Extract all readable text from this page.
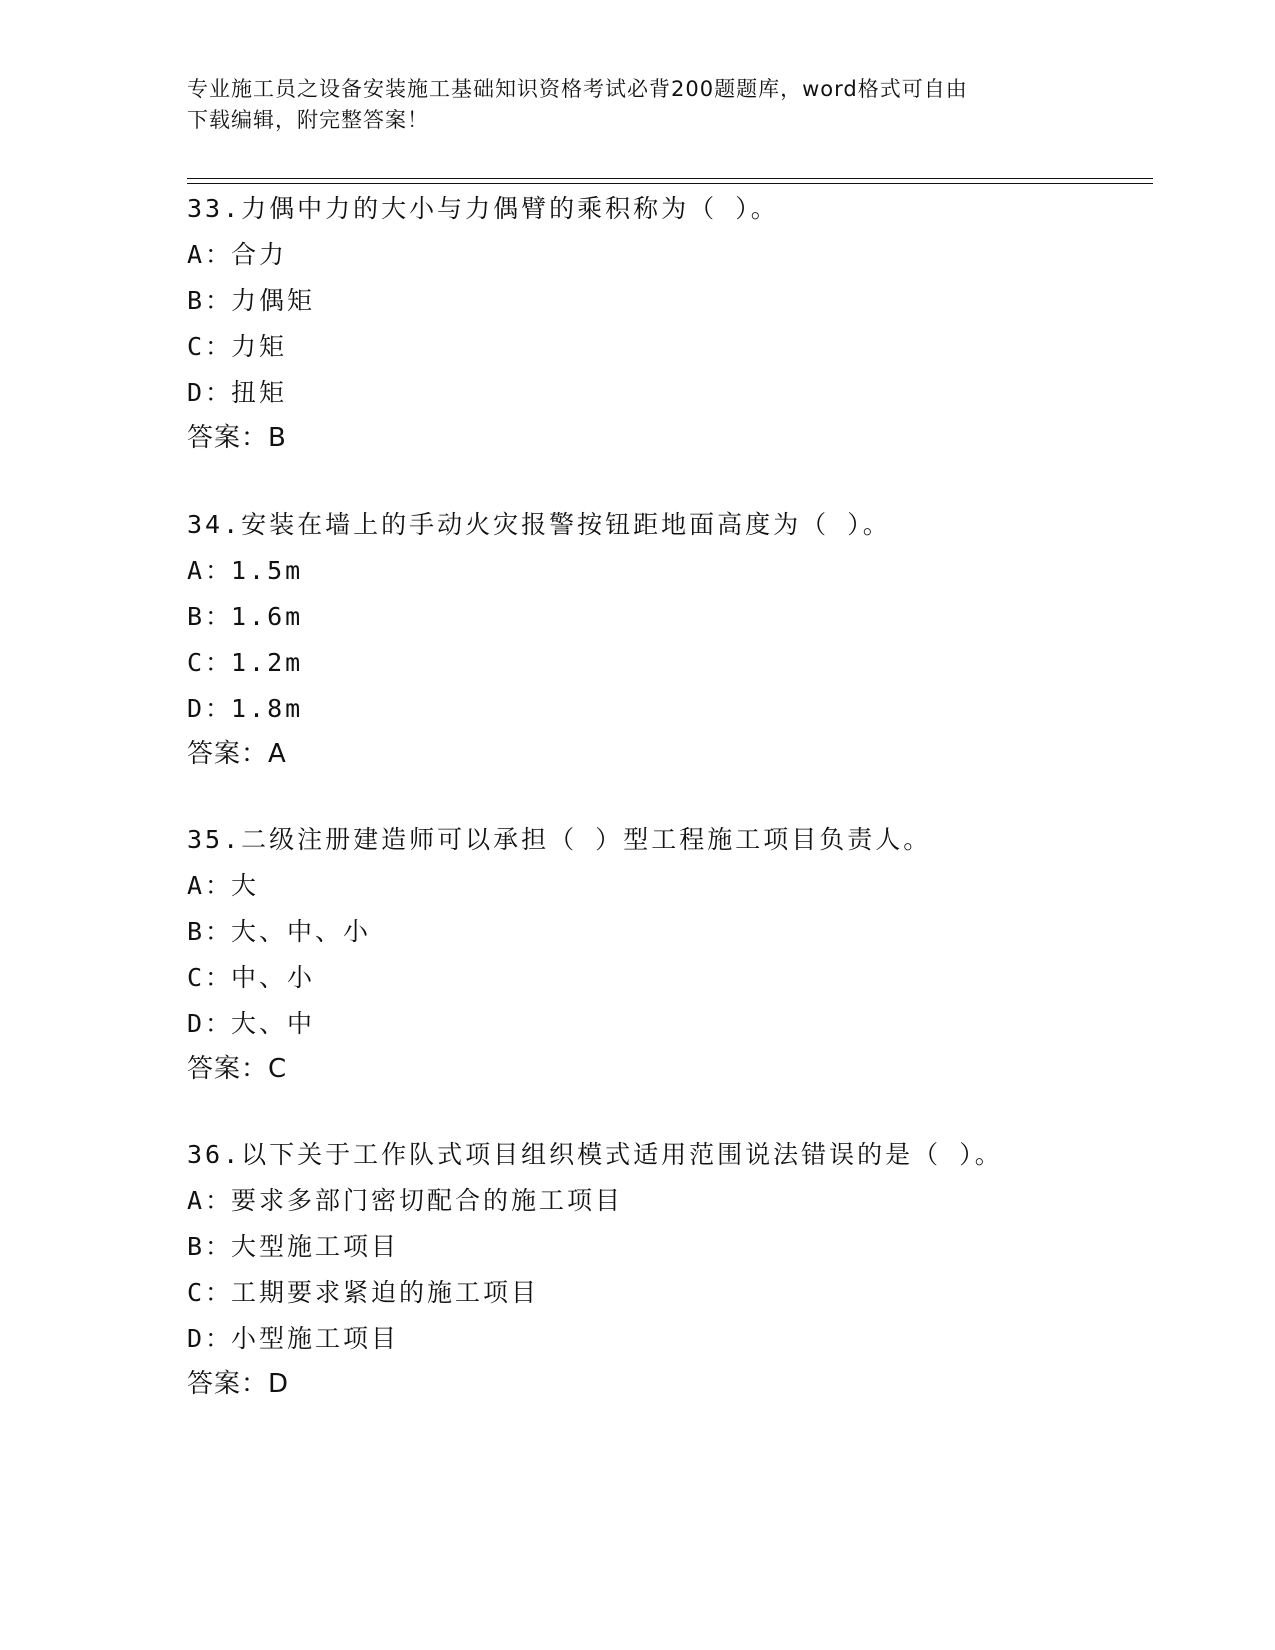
专业施工员之设备安装施工基础知识资格考试必背200题题库，word格式可自由
下载编辑，附完整答案！
33.力偶中力的大小与力偶臂的乘积称为（ ）。
A：合力
B：力偶矩
C：力矩
D：扭矩
答案：B
34.安装在墙上的手动火灾报警按钮距地面高度为（ ）。
A：1.5m
B：1.6m
C：1.2m
D：1.8m
答案：A
35.二级注册建造师可以承担（ ）型工程施工项目负责人。
A：大
B：大、中、小
C：中、小
D：大、中
答案：C
36.以下关于工作队式项目组织模式适用范围说法错误的是（ ）。
A：要求多部门密切配合的施工项目
B：大型施工项目
C：工期要求紧迫的施工项目
D：小型施工项目
答案：D
